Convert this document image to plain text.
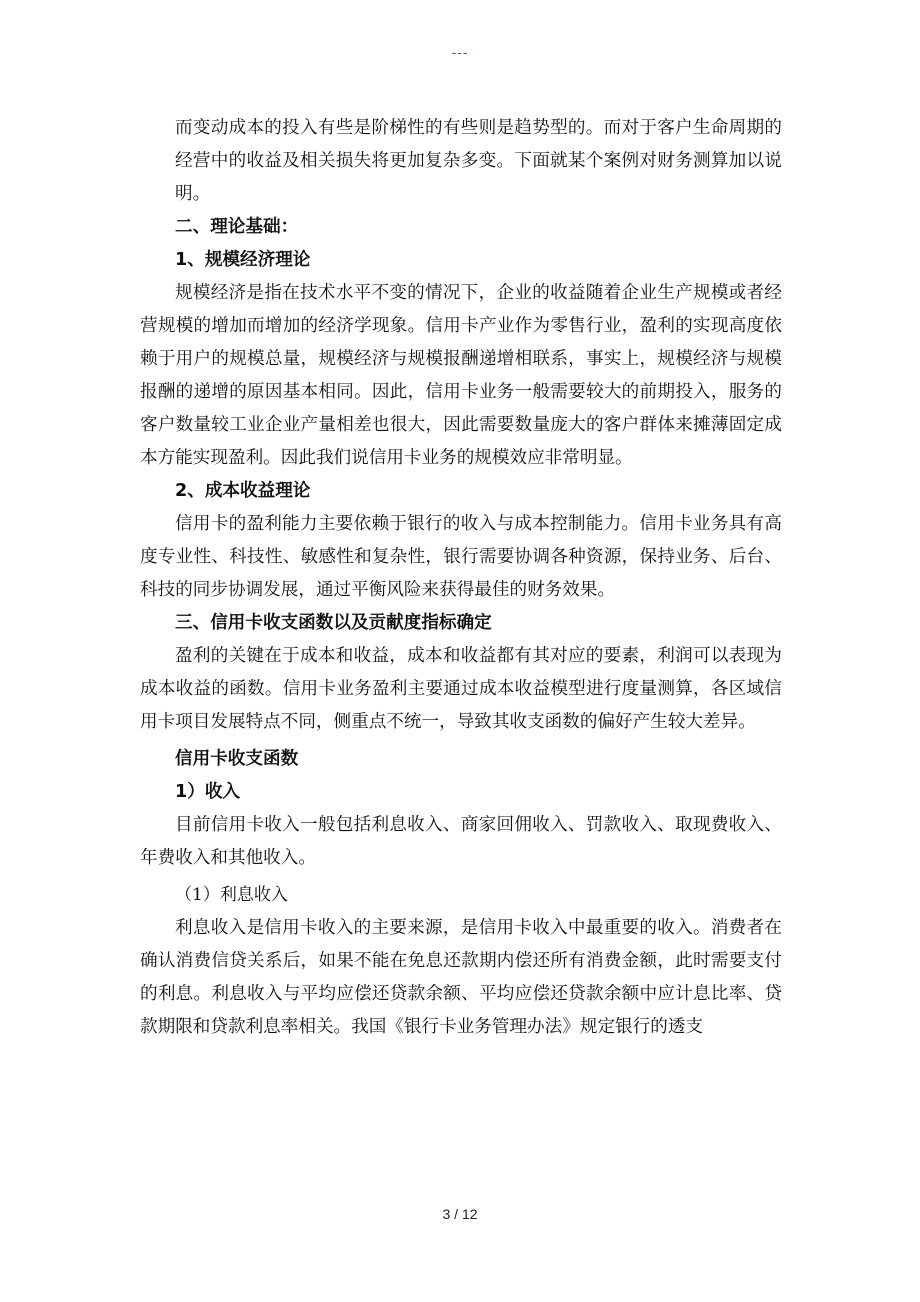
---

而变动成本的投入有些是阶梯性的有些则是趋势型的。而对于客户生命周期的经营中的收益及相关损失将更加复杂多变。下面就某个案例对财务测算加以说明。

二、理论基础：
1、规模经济理论

规模经济是指在技术水平不变的情况下，企业的收益随着企业生产规模或者经营规模的增加而增加的经济学现象。信用卡产业作为零售行业，盈利的实现高度依赖于用户的规模总量，规模经济与规模报酬递增相联系，事实上，规模经济与规模报酬的递增的原因基本相同。因此，信用卡业务一般需要较大的前期投入，服务的客户数量较工业企业产量相差也很大，因此需要数量庞大的客户群体来摊薄固定成本方能实现盈利。因此我们说信用卡业务的规模效应非常明显。

2、成本收益理论

信用卡的盈利能力主要依赖于银行的收入与成本控制能力。信用卡业务具有高度专业性、科技性、敏感性和复杂性，银行需要协调各种资源，保持业务、后台、科技的同步协调发展，通过平衡风险来获得最佳的财务效果。

三、信用卡收支函数以及贡献度指标确定

盈利的关键在于成本和收益，成本和收益都有其对应的要素，利润可以表现为成本收益的函数。信用卡业务盈利主要通过成本收益模型进行度量测算，各区域信用卡项目发展特点不同，侧重点不统一，导致其收支函数的偏好产生较大差异。

信用卡收支函数
1）收入

目前信用卡收入一般包括利息收入、商家回佣收入、罚款收入、取现费收入、年费收入和其他收入。

（1）利息收入

利息收入是信用卡收入的主要来源，是信用卡收入中最重要的收入。消费者在确认消费信贷关系后，如果不能在免息还款期内偿还所有消费金额，此时需要支付的利息。利息收入与平均应偿还贷款余额、平均应偿还贷款余额中应计息比率、贷款期限和贷款利息率相关。我国《银行卡业务管理办法》规定银行的透支

3 / 12
